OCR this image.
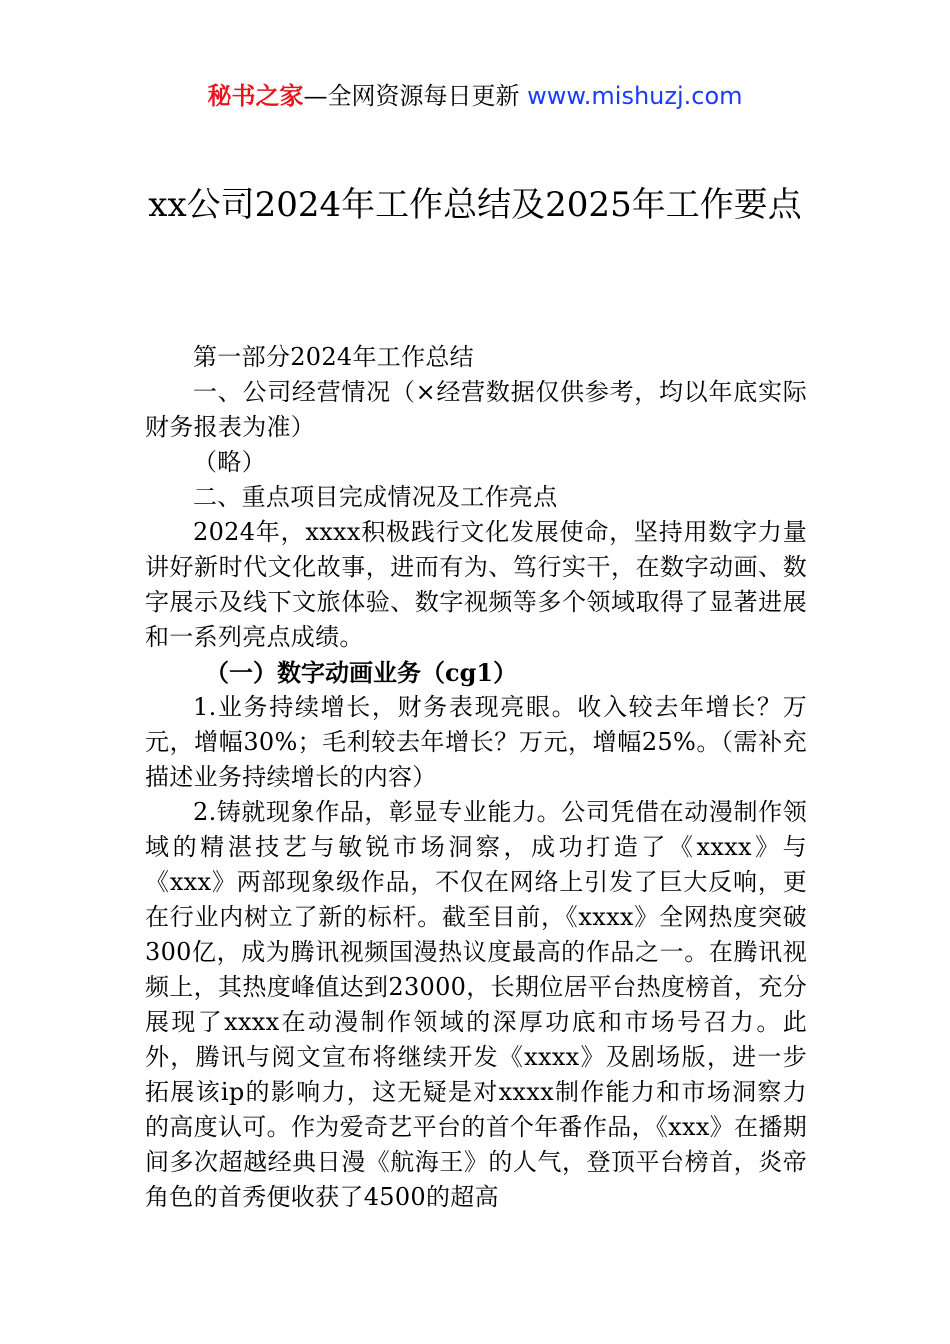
秘书之家—全网资源每日更新 www.mishuzj.com
xx公司2024年工作总结及2025年工作要点

第一部分2024年工作总结

一、公司经营情况（×经营数据仅供参考，均以年底实际财务报表为准）

（略）

二、重点项目完成情况及工作亮点

2024年，xxxx积极践行文化发展使命，坚持用数字力量讲好新时代文化故事，进而有为、笃行实干，在数字动画、数字展示及线下文旅体验、数字视频等多个领域取得了显著进展和一系列亮点成绩。

（一）数字动画业务（cg1）

1.业务持续增长，财务表现亮眼。收入较去年增长？万元，增幅30%；毛利较去年增长？万元，增幅25%。（需补充描述业务持续增长的内容）

2.铸就现象作品，彰显专业能力。公司凭借在动漫制作领域的精湛技艺与敏锐市场洞察，成功打造了《xxxx》与《xxx》两部现象级作品，不仅在网络上引发了巨大反响，更在行业内树立了新的标杆。截至目前，《xxxx》全网热度突破300亿，成为腾讯视频国漫热议度最高的作品之一。在腾讯视频上，其热度峰值达到23000，长期位居平台热度榜首，充分展现了xxxx在动漫制作领域的深厚功底和市场号召力。此外，腾讯与阅文宣布将继续开发《xxxx》及剧场版，进一步拓展该ip的影响力，这无疑是对xxxx制作能力和市场洞察力的高度认可。作为爱奇艺平台的首个年番作品，《xxx》在播期间多次超越经典日漫《航海王》的人气，登顶平台榜首，炎帝角色的首秀便收获了4500的超高
